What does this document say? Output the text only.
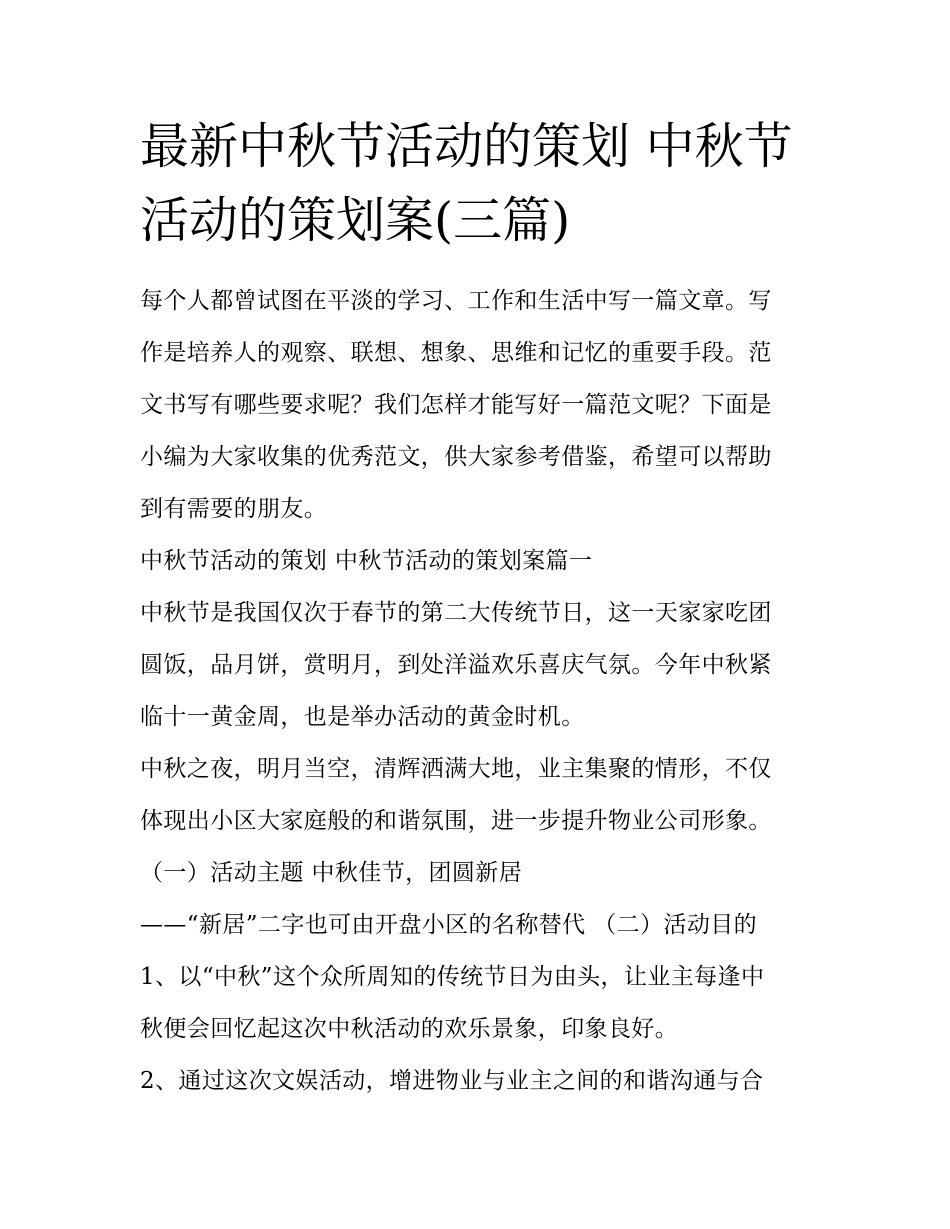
最新中秋节活动的策划 中秋节
活动的策划案(三篇)
每个人都曾试图在平淡的学习、工作和生活中写一篇文章。写
作是培养人的观察、联想、想象、思维和记忆的重要手段。范
文书写有哪些要求呢？我们怎样才能写好一篇范文呢？下面是
小编为大家收集的优秀范文，供大家参考借鉴，希望可以帮助
到有需要的朋友。
中秋节活动的策划 中秋节活动的策划案篇一
中秋节是我国仅次于春节的第二大传统节日，这一天家家吃团
圆饭，品月饼，赏明月，到处洋溢欢乐喜庆气氛。今年中秋紧
临十一黄金周，也是举办活动的黄金时机。
中秋之夜，明月当空，清辉洒满大地，业主集聚的情形，不仅
体现出小区大家庭般的和谐氛围，进一步提升物业公司形象。
（一）活动主题 中秋佳节，团圆新居
——“新居”二字也可由开盘小区的名称替代 （二）活动目的
1、以“中秋”这个众所周知的传统节日为由头，让业主每逢中
秋便会回忆起这次中秋活动的欢乐景象，印象良好。
2、通过这次文娱活动，增进物业与业主之间的和谐沟通与合
